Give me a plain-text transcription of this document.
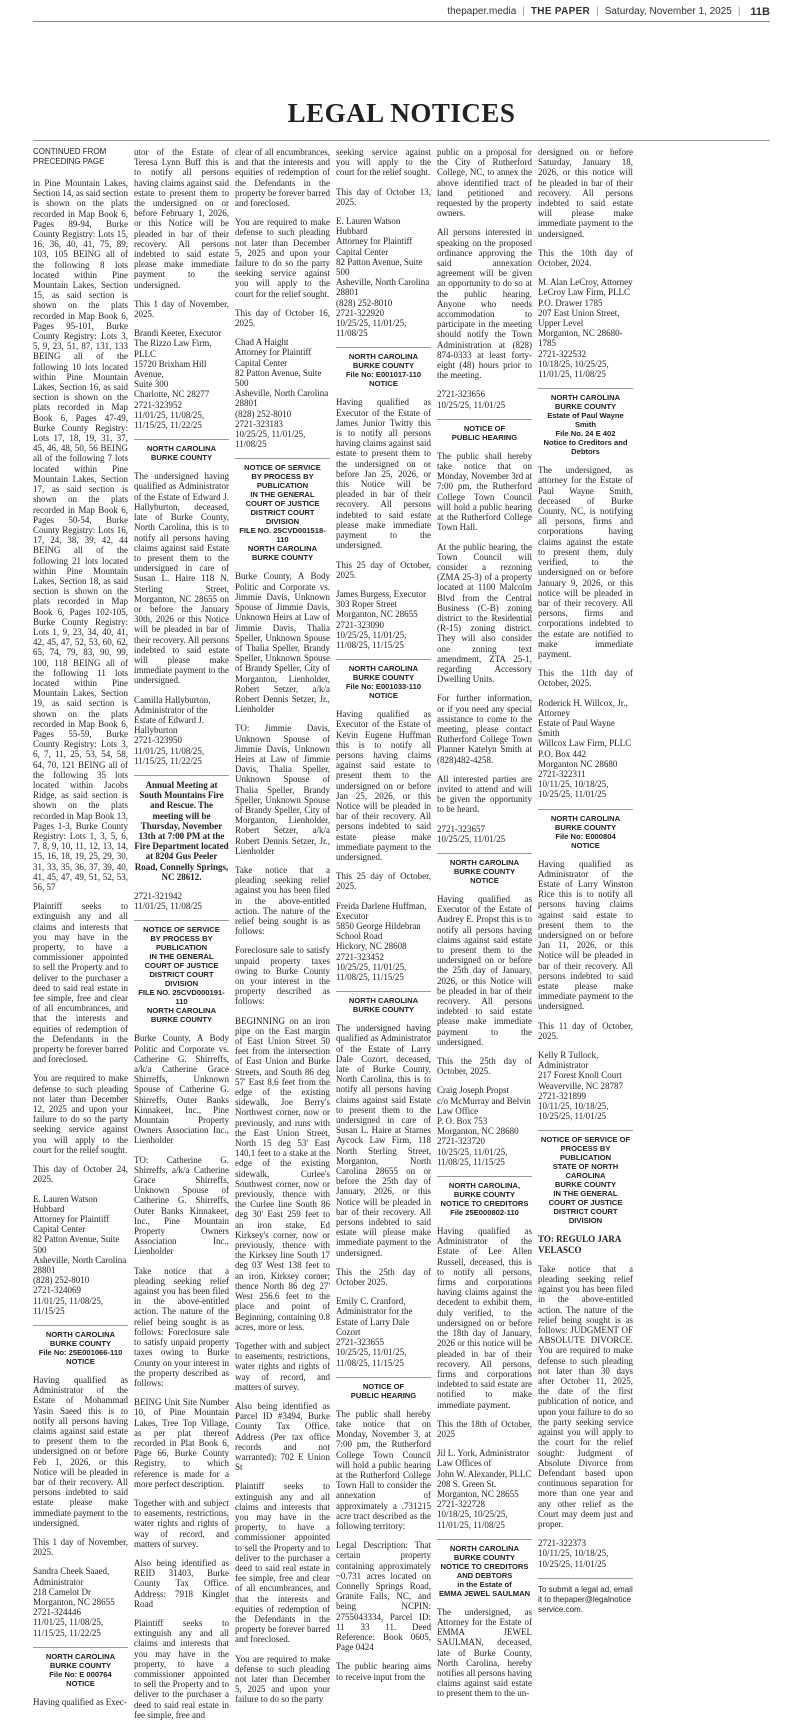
thepaper.media | THE PAPER | Saturday, November 1, 2025 | 11B
LEGAL NOTICES
CONTINUED FROM PRECEDING PAGE

in Pine Mountain Lakes, Section 14, as said section is shown on the plats recorded in Map Book 6, Pages 89-94, Burke County Registry: Lots 15, 16, 36, 40, 41, 75, 89, 103, 105 BEING all of the following 8 lots located within Pine Mountain Lakes, Section 15, as said section is shown on the plats recorded in Map Book 6, Pages 95-101, Burke County Registry: Lots 3, 5, 9, 23, 51, 87, 131, 133 BEING all of the following 10 lots located within Pine Mountain Lakes, Section 16, as said section is shown on the plats recorded in Map Book 6, Pages 47-49, Burke County Registry: Lots 17, 18, 19, 31, 37, 45, 46, 48, 50, 56 BEING all of the following 7 lots located within Pine Mountain Lakes, Section 17, as said section is shown on the plats recorded in Map Book 6, Pages 50-54, Burke County Registry: Lots 16, 17, 24, 38, 39, 42, 44 BEING all of the following 21 lots located within Pine Mountain Lakes, Section 18, as said section is shown on the plats recorded in Map Book 6, Pages 102-105, Burke County Registry: Lots 1, 9, 23, 34, 40, 41, 42, 45, 47, 52, 53, 60, 62, 65, 74, 79, 83, 90, 99, 100, 118 BEING all of the following 11 lots located within Pine Mountain Lakes, Section 19, as said section is shown on the plats recorded in Map Book 6, Pages 55-59, Burke County Registry: Lots 3, 6, 7, 11, 25, 53, 54, 58, 64, 70, 121 BEING all of the following 35 lots located within Jacobs Ridge, as said section is shown on the plats recorded in Map Book 13, Pages 1-3, Burke County Registry: Lots 1, 3, 5, 6, 7, 8, 9, 10, 11, 12, 13, 14, 15, 16, 18, 19, 25, 29, 30, 31, 33, 35, 36, 37, 39, 40, 41, 45, 47, 49, 51, 52, 53, 56, 57

Plaintiff seeks to extinguish any and all claims and interests that you may have in the property, to have a commissioner appointed to sell the Property and to deliver to the purchaser a deed to said real estate in fee simple, free and clear of all encumbrances, and that the interests and equities of redemption of the Defendants in the property be forever barred and foreclosed.

You are required to make defense to such pleading not later than December 12, 2025 and upon your failure to do so the party seeking service against you will apply to the court for the relief sought.

This day of October 24, 2025.

E. Lauren Watson Hubbard
Attorney for Plaintiff
Capital Center
82 Patton Avenue, Suite 500
Asheville, North Carolina 28801
(828) 252-8010
2721-324069
11/01/25, 11/08/25, 11/15/25

NORTH CAROLINA
BURKE COUNTY
File No: 25E001066-110
NOTICE

Having qualified as Administrator of the Estate of Mohammad Yasin Saeed this is to notify all persons having claims against said estate to present them to the undersigned on or before Feb 1, 2026, or this Notice will be pleaded in bar of their recovery. All persons indebted to said estate please make immediate payment to the undersigned.

This 1 day of November, 2025.

Sandra Cheek Saaed, Administrator
218 Camelot Dr
Morganton, NC 28655
2721-324446
11/01/25, 11/08/25, 11/15/25, 11/22/25

NORTH CAROLINA
BURKE COUNTY
File No: E 000764
NOTICE

Having qualified as Exec-

utor of the Estate of Teresa Lynn Buff this is to notify all persons having claims against said estate to present them to the undersigned on or before February 1, 2026, or this Notice will be pleaded in bar of their recovery. All persons indebted to said estate please make immediate payment to the undersigned.

This 1 day of November, 2025.

Brandi Keeter, Executor
The Rizzo Law Firm, PLLC
15720 Brixham Hill Avenue,
Suite 300
Charlotte, NC 28277
2721-323952
11/01/25, 11/08/25, 11/15/25, 11/22/25

NORTH CAROLINA
BURKE COUNTY

The undersigned having qualified as Administrator of the Estate of Edward J. Hallyburton, deceased, late of Burke County, North Carolina, this is to notify all persons having claims against said Estate to present them to the undersigned in care of Susan L. Haire 118 N. Sterling Street, Morganton, NC 28655 on or before the January 30th, 2026 or this Notice will be pleaded in bar of their recovery. All persons indebted to said estate will please make immediate payment to the undersigned.

Camilla Hallyburton, Administrator of the Estate of Edward J. Hallyburton
2721-323950
11/01/25, 11/08/25, 11/15/25, 11/22/25

Annual Meeting at South Mountains Fire and Rescue. The meeting will be Thursday, November 13th at 7:00 PM at the Fire Department located at 8204 Gus Peeler Road, Connelly Springs, NC 28612.

2721-321942
11/01/25, 11/08/25

NOTICE OF SERVICE
BY PROCESS BY
PUBLICATION
IN THE GENERAL
COURT OF JUSTICE
DISTRICT COURT DIVISION
FILE NO. 25CVD000191-110
NORTH CAROLINA
BURKE COUNTY

Burke County, A Body Politic and Corporate vs. Catherine G. Shirreffs, a/k/a Catherine Grace Shirreffs, Unknown Spouse of Catherine G. Shirreffs, Outer Banks Kinnakeet, Inc., Pine Mountain Property Owners Association Inc., Lienholder

TO: Catherine G. Shirreffs, a/k/a Catherine Grace Shirreffs, Unknown Spouse of Catherine G. Shirreffs, Outer Banks Kinnakeet, Inc., Pine Mountain Property Owners Association Inc., Lienholder

Take notice that a pleading seeking relief against you has been filed in the above-entitled action. The nature of the relief being sought is as follows: Foreclosure sale to satisfy unpaid property taxes owing to Burke County on your interest in the property described as follows:

BEING Unit Site Number 10, of Pine Mountain Lakes, Tree Top Village, as per plat thereof recorded in Plat Book 6, Page 66, Burke County Registry, to which reference is made for a more perfect description.

Together with and subject to easements, restrictions, water rights and rights of way of record, and matters of survey.

Also being identified as REID 31403, Burke County Tax Office. Address: 7918 Kinglet Road

Plaintiff seeks to extinguish any and all claims and interests that you may have in the property, to have a commissioner appointed to sell the Property and to deliver to the purchaser a deed to said real estate in fee simple, free and

clear of all encumbrances, and that the interests and equities of redemption of the Defendants in the property be forever barred and foreclosed.

You are required to make defense to such pleading not later than December 5, 2025 and upon your failure to do so the party seeking service against you will apply to the court for the relief sought.

This day of October 16, 2025.

Chad A Haight
Attorney for Plaintiff
Capital Center
82 Patton Avenue, Suite 500
Asheville, North Carolina 28801
(828) 252-8010
2721-323183
10/25/25, 11/01/25, 11/08/25

NOTICE OF SERVICE
BY PROCESS BY
PUBLICATION
IN THE GENERAL
COURT OF JUSTICE
DISTRICT COURT DIVISION
FILE NO. 25CVD001518-110
NORTH CAROLINA
BURKE COUNTY

Burke County, A Body Politic and Corporate vs. Jimmie Davis, Unknown Spouse of Jimmie Davis, Unknown Heirs at Law of Jimmie Davis, Thalia Speller, Unknown Spouse of Thalia Speller, Brandy Speller, Unknown Spouse of Brandy Speller, City of Morganton, Lienholder, Robert Setzer, a/k/a Robert Dennis Setzer, Jr., Lienholder

TO: Jimmie Davis, Unknown Spouse of Jimmie Davis, Unknown Heirs at Law of Jimmie Davis, Thalia Speller, Unknown Spouse of Thalia Speller, Brandy Speller, Unknown Spouse of Brandy Speller, City of Morganton, Lienholder, Robert Setzer, a/k/a Robert Dennis Setzer, Jr., Lienholder

Take notice that a pleading seeking relief against you has been filed in the above-entitled action. The nature of the relief being sought is as follows:

Foreclosure sale to satisfy unpaid property taxes owing to Burke County on your interest in the property described as follows:

BEGINNING on an iron pipe on the East margin of East Union Street 50 feet from the intersection of East Union and Burke Streets, and South 86 deg 57' East 8.6 feet from the edge of the existing sidewalk, Joe Berry's Northwest corner, now or previously, and runs with the East Union Street, North 15 deg 53' East 140.1 feet to a stake at the edge of the existing sidewalk, Curlee's Southwest corner, now or previously, thence with the Curlee line South 86 deg 30' East 259 feet to an iron stake, Ed Kirksey's corner, now or previously, thence with the Kirksey line South 17 deg 03' West 138 feet to an iron, Kirksey corner; thence North 86 deg 27' West 256.6 feet to the place and point of Beginning, containing 0.8 acres, more or less.

Together with and subject to easements, restrictions, water rights and rights of way of record, and matters of survey.

Also being identified as Parcel ID #3494, Burke County Tax Office. Address (Per tax office records and not warranted): 702 E Union St

Plaintiff seeks to extinguish any and all claims and interests that you may have in the property, to have a commissioner appointed to sell the Property and to deliver to the purchaser a deed to said real estate in fee simple, free and clear of all encumbrances, and that the interests and equities of redemption of the Defendants in the property be forever barred and foreclosed.

You are required to make defense to such pleading not later than December 5, 2025 and upon your failure to do so the party

seeking service against you will apply to the court for the relief sought.

This day of October 13, 2025.

E. Lauren Watson Hubbard
Attorney for Plaintiff
Capital Center
82 Patton Avenue, Suite 500
Asheville, North Carolina 28801
(828) 252-8010
2721-322920
10/25/25, 11/01/25, 11/08/25

NORTH CAROLINA
BURKE COUNTY
File No: E001017-110
NOTICE

Having qualified as Executor of the Estate of James Junior Twitty this is to notify all persons having claims against said estate to present them to the undersigned on or before Jan 25, 2026, or this Notice will be pleaded in bar of their recovery. All persons indebted to said estate please make immediate payment to the undersigned.

This 25 day of October, 2025.

James Burgess, Executor
303 Roper Street
Morganton, NC 28655
2721-323090
10/25/25, 11/01/25, 11/08/25, 11/15/25

NORTH CAROLINA
BURKE COUNTY
File No: E001033-110
NOTICE

Having qualified as Executor of the Estate of Kevin Eugene Huffman this is to notify all persons having claims against said estate to present them to the undersigned on or before Jan 25, 2026, or this Notice will be pleaded in bar of their recovery. All persons indebted to said estate please make immediate payment to the undersigned.

This 25 day of October, 2025.

Freida Darlene Huffman, Executor
5850 George Hildebran School Road
Hickory, NC 28608
2721-323452
10/25/25, 11/01/25, 11/08/25, 11/15/25

NORTH CAROLINA
BURKE COUNTY

The undersigned having qualified as Administrator of the Estate of Larry Dale Cozort, deceased, late of Burke County, North Carolina, this is to notify all persons having claims against said Estate to present them to the undersigned in care of Susan L. Haire at Starnes Aycock Law Firm, 118 North Sterling Street, Morganton, North Carolina 28655 on or before the 25th day of January, 2026, or this Notice will be pleaded in bar of their recovery. All persons indebted to said estate will please make immediate payment to the undersigned.

This the 25th day of October 2025.

Emily C. Cranford, Administrator for the Estate of Larry Dale Cozort
2721-323655
10/25/25, 11/01/25, 11/08/25, 11/15/25

NOTICE OF
PUBLIC HEARING

The public shall hereby take notice that on Monday, November 3, at 7:00 pm, the Rutherford College Town Council will hold a public hearing at the Rutherford College Town Hall to consider the annexation of approximately a .731215 acre tract described as the following territory:

Legal Description: That certain property containing approximately ~0.731 acres located on Connelly Springs Road, Granite Falls, NC, and being NCPIN: 2755043334, Parcel ID: 11 33 11. Deed Reference: Book 0605, Page 0424

The public hearing aims to receive input from the

public on a proposal for the City of Rutherford College, NC, to annex the above identified tract of land petitioned and requested by the property owners.

All persons interested in speaking on the proposed ordinance approving the said annexation agreement will be given an opportunity to do so at the public hearing. Anyone who needs accommodation to participate in the meeting should notify the Town Administration at (828) 874-0333 at least forty-eight (48) hours prior to the meeting.

2721-323656
10/25/25, 11/01/25

NOTICE OF
PUBLIC HEARING

The public shall hereby take notice that on Monday, November 3rd at 7:00 pm, the Rutherford College Town Council will hold a public hearing at the Rutherford College Town Hall.

At the public hearing, the Town Council will consider a rezoning (ZMA 25-3) of a property located at 1100 Malcolm Blvd from the Central Business (C-B) zoning district to the Residential (R-15) zoning district. They will also consider one zoning text amendment, ZTA 25-1, regarding Accessory Dwelling Units.

For further information, or if you need any special assistance to come to the meeting, please contact Rutherford College Town Planner Katelyn Smith at (828)482-4258.

All interested parties are invited to attend and will be given the opportunity to be heard.

2721-323657
10/25/25, 11/01/25

NORTH CAROLINA
BURKE COUNTY
NOTICE

Having qualified as Executor of the Estate of Audrey E. Propst this is to notify all persons having claims against said estate to present them to the undersigned on or before the 25th day of January, 2026, or this Notice will be pleaded in bar of their recovery. All persons indebted to said estate please make immediate payment to the undersigned.

This the 25th day of October, 2025.

Craig Joseph Propst
c/o McMurray and Belvin Law Office
P. O. Box 753
Morganton, NC 28680
2721-323720
10/25/25, 11/01/25, 11/08/25, 11/15/25

NORTH CAROLINA,
BURKE COUNTY
NOTICE TO CREDITORS
File 25E000802-110

Having qualified as Administrator of the Estate of Lee Allen Russell, deceased, this is to notify all persons, firms and corporations having claims against the decedent to exhibit them, duly verified, to the undersigned on or before the 18th day of January, 2026 or this notice will be pleaded in bar of their recovery. All persons, firms and corporations indebted to said estate are notified to make immediate payment.

This the 18th of October, 2025

Jil L. York, Administrator
Law Offices of
John W. Alexander, PLLC
208 S. Green St.
Morganton, NC 28655
2721-322728
10/18/25, 10/25/25, 11/01/25, 11/08/25

NORTH CAROLINA
BURKE COUNTY
NOTICE TO CREDITORS
AND DEBTORS
in the Estate of
EMMA JEWEL SAULMAN

The undersigned, as Attorney for the Estate of EMMA JEWEL SAULMAN, deceased, late of Burke County, North Carolina, hereby notifies all persons having claims against said estate to present them to the un-

dersigned on or before Saturday, January 18, 2026, or this notice will be pleaded in bar of their recovery. All persons indebted to said estate will please make immediate payment to the undersigned.

This the 10th day of October, 2024.

M. Alan LeCroy, Attorney
LeCroy Law Firm, PLLC
P.O. Drawer 1785
207 East Union Street, Upper Level
Morganton, NC 28680-1785
2721-322532
10/18/25, 10/25/25, 11/01/25, 11/08/25

NORTH CAROLINA
BURKE COUNTY
Estate of Paul Wayne Smith
File No. 24 E 402
Notice to Creditors and Debtors

The undersigned, as attorney for the Estate of Paul Wayne Smith, deceased of Burke County, NC, is notifying all persons, firms and corporations having claims against the estate to present them, duly verified, to the undersigned on or before January 9, 2026, or this notice will be pleaded in bar of their recovery. All persons, firms and corporations indebted to the estate are notified to make immediate payment.

This the 11th day of October, 2025.

Roderick H. Willcox, Jr., Attorney
Estate of Paul Wayne Smith
Willcox Law Firm, PLLC
P.O. Box 442
Morganton NC 28680
2721-322311
10/11/25, 10/18/25, 10/25/25, 11/01/25

NORTH CAROLINA
BURKE COUNTY
File No: E000804
NOTICE

Having qualified as Administrator of the Estate of Larry Winston Rice this is to notify all persons having claims against said estate to present them to the undersigned on or before Jan 11, 2026, or this Notice will be pleaded in bar of their recovery. All persons indebted to said estate please make immediate payment to the undersigned.

This 11 day of October, 2025.

Kelly R Tullock, Administrator
217 Forest Knoll Court
Weaverville, NC 28787
2721-321899
10/11/25, 10/18/25, 10/25/25, 11/01/25

NOTICE OF SERVICE OF PROCESS BY PUBLICATION
STATE OF NORTH CAROLINA
BURKE COUNTY
IN THE GENERAL
COURT OF JUSTICE
DISTRICT COURT DIVISION

TO: REGULO JARA VELASCO

Take notice that a pleading seeking relief against you has been filed in the above-entitled action. The nature of the relief being sought is as follows: JUDGMENT OF ABSOLUTE DIVORCE. You are required to make defense to such pleading not later than 30 days after October 11, 2025, the date of the first publication of notice, and upon your failure to do so the party seeking service against you will apply to the court for the relief sought: Judgment of Absolute Divorce from Defendant based upon continuous separation for more than one year and any other relief as the Court may deem just and proper.

2721-322373
10/11/25, 10/18/25, 10/25/25, 11/01/25

To submit a legal ad, email it to thepaper@legalnotice service.com.
